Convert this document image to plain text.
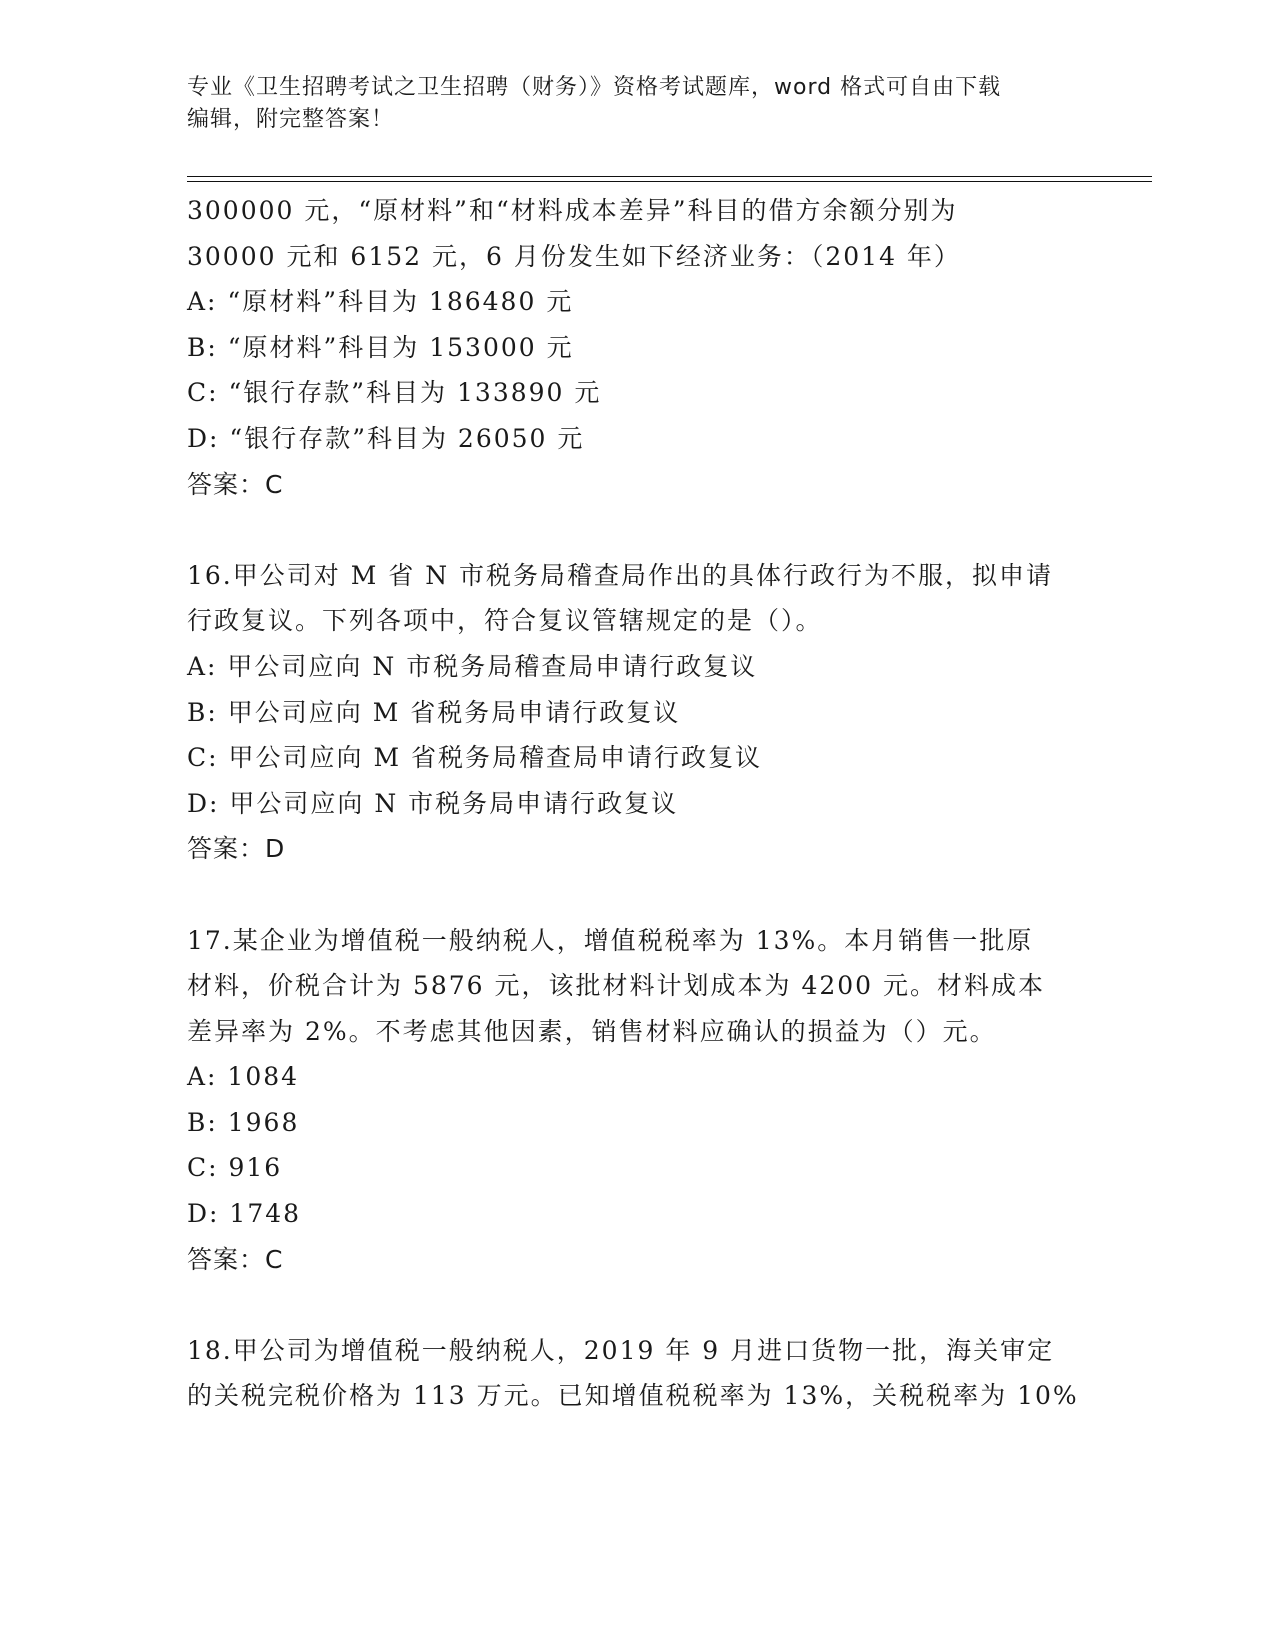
专业《卫生招聘考试之卫生招聘（财务）》资格考试题库，word 格式可自由下载
编辑，附完整答案！
300000 元，“原材料”和“材料成本差异”科目的借方余额分别为
30000 元和 6152 元，6 月份发生如下经济业务：（2014 年）
A: “原材料”科目为 186480 元
B: “原材料”科目为 153000 元
C: “银行存款”科目为 133890 元
D: “银行存款”科目为 26050 元
答案：C
16.甲公司对 M 省 N 市税务局稽查局作出的具体行政行为不服，拟申请
行政复议。下列各项中，符合复议管辖规定的是（）。
A: 甲公司应向 N 市税务局稽查局申请行政复议
B: 甲公司应向 M 省税务局申请行政复议
C: 甲公司应向 M 省税务局稽查局申请行政复议
D: 甲公司应向 N 市税务局申请行政复议
答案：D
17.某企业为增值税一般纳税人，增值税税率为 13%。本月销售一批原
材料，价税合计为 5876 元，该批材料计划成本为 4200 元。材料成本
差异率为 2%。不考虑其他因素，销售材料应确认的损益为（）元。
A: 1084
B: 1968
C: 916
D: 1748
答案：C
18.甲公司为增值税一般纳税人，2019 年 9 月进口货物一批，海关审定
的关税完税价格为 113 万元。已知增值税税率为 13%，关税税率为 10%
